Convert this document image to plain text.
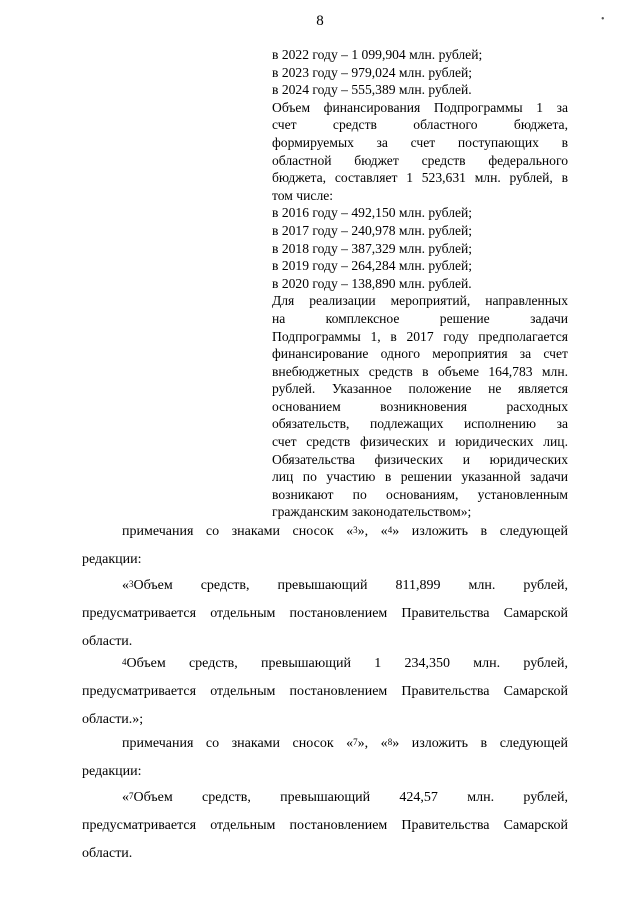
8	•
в 2022 году – 1 099,904 млн. рублей;
в 2023 году – 979,024 млн. рублей;
в 2024 году – 555,389 млн. рублей.
Объем финансирования Подпрограммы 1 за
счет средств областного бюджета,
формируемых за счет поступающих в
областной бюджет средств федерального
бюджета, составляет 1 523,631 млн. рублей, в
том числе:
в 2016 году – 492,150 млн. рублей;
в 2017 году – 240,978 млн. рублей;
в 2018 году – 387,329 млн. рублей;
в 2019 году – 264,284 млн. рублей;
в 2020 году – 138,890 млн. рублей.
Для реализации мероприятий, направленных
на комплексное решение задачи
Подпрограммы 1, в 2017 году предполагается
финансирование одного мероприятия за счет
внебюджетных средств в объеме 164,783 млн.
рублей. Указанное положение не является
основанием возникновения расходных
обязательств, подлежащих исполнению за
счет средств физических и юридических лиц.
Обязательства физических и юридических
лиц по участию в решении указанной задачи
возникают по основаниям, установленным
гражданским законодательством»;
примечания со знаками сносок «$^3$», «$^4$» изложить в следующей
редакции:
«$^3$Объем средств, превышающий 811,899 млн. рублей,
предусматривается отдельным постановлением Правительства Самарской
области.
$^4$Объем средств, превышающий 1 234,350 млн. рублей,
предусматривается отдельным постановлением Правительства Самарской
области.»;
примечания со знаками сносок «$^7$», «$^8$» изложить в следующей
редакции:
«$^7$Объем средств, превышающий 424,57 млн. рублей,
предусматривается отдельным постановлением Правительства Самарской
области.
